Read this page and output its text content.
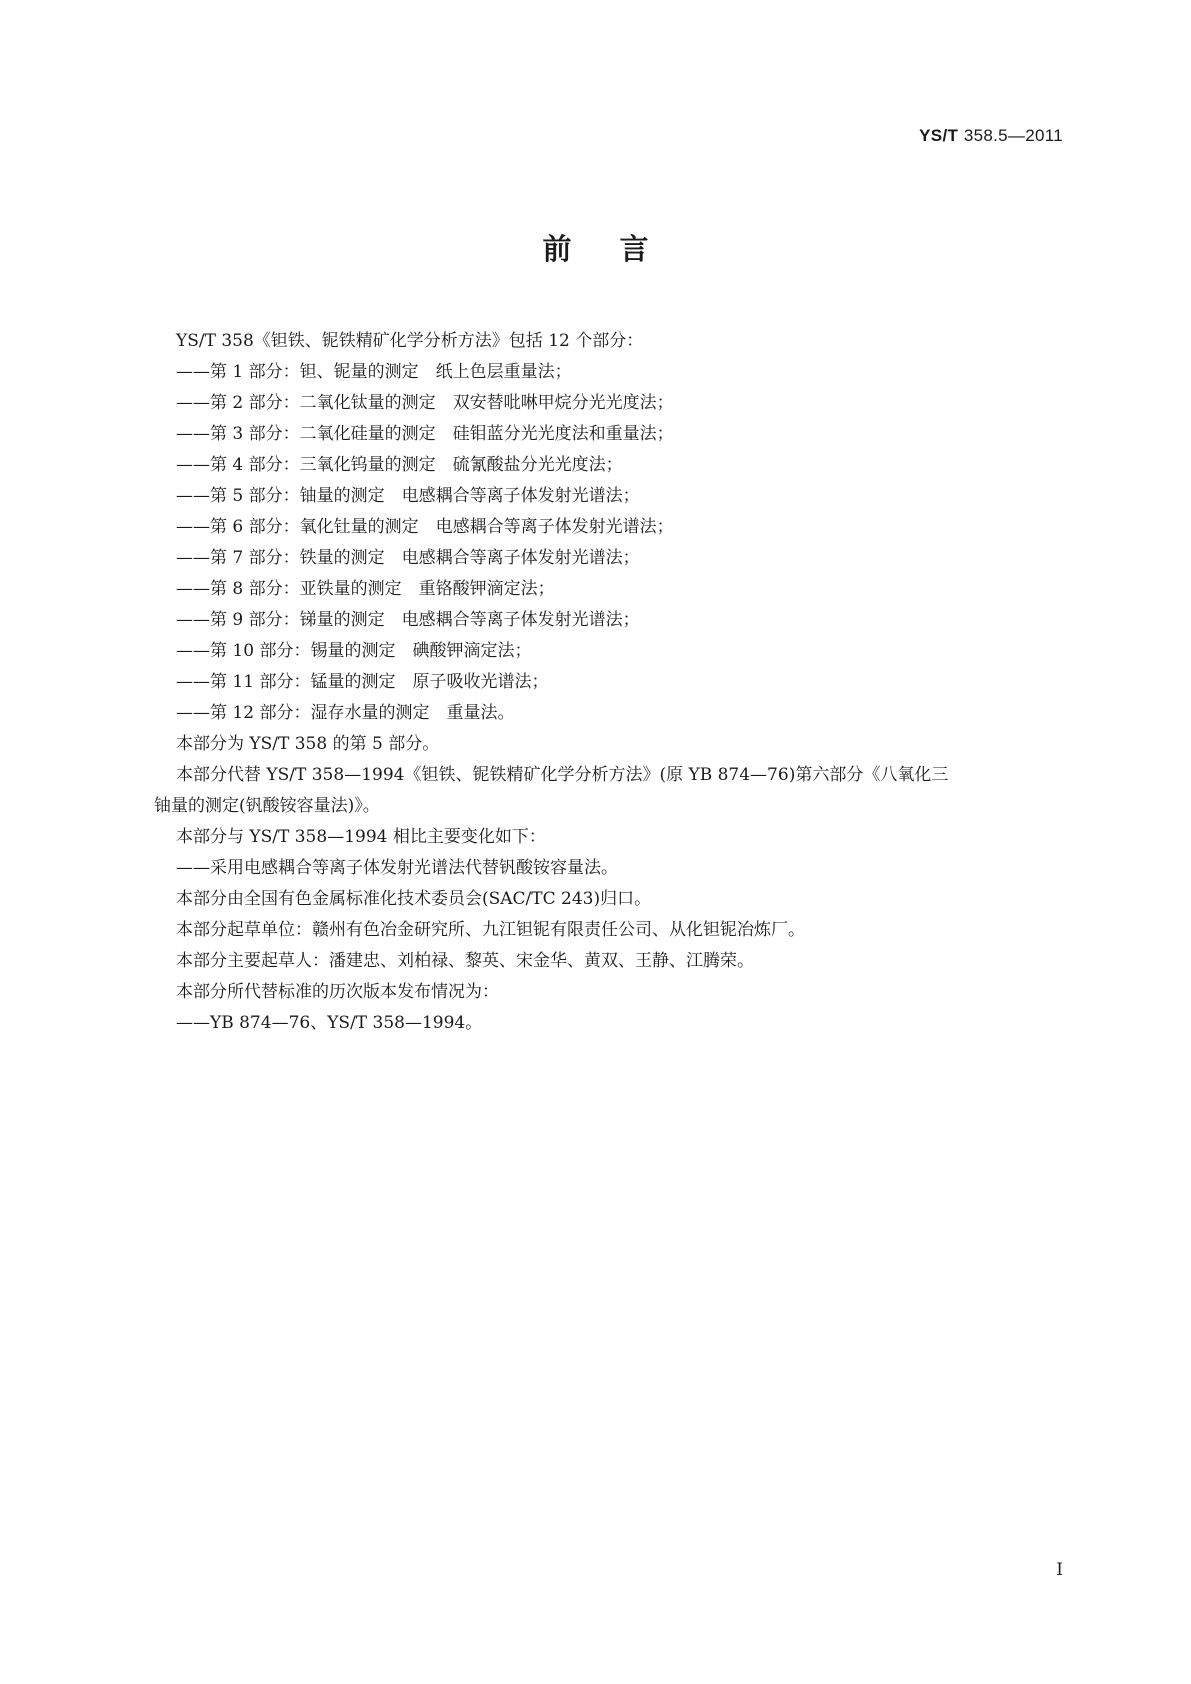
YS/T 358.5—2011
前言
YS/T 358《钽铁、铌铁精矿化学分析方法》包括 12 个部分：
——第 1 部分：钽、铌量的测定　纸上色层重量法；
——第 2 部分：二氧化钛量的测定　双安替吡啉甲烷分光光度法；
——第 3 部分：二氧化硅量的测定　硅钼蓝分光光度法和重量法；
——第 4 部分：三氧化钨量的测定　硫氰酸盐分光光度法；
——第 5 部分：铀量的测定　电感耦合等离子体发射光谱法；
——第 6 部分：氧化钍量的测定　电感耦合等离子体发射光谱法；
——第 7 部分：铁量的测定　电感耦合等离子体发射光谱法；
——第 8 部分：亚铁量的测定　重铬酸钾滴定法；
——第 9 部分：锑量的测定　电感耦合等离子体发射光谱法；
——第 10 部分：锡量的测定　碘酸钾滴定法；
——第 11 部分：锰量的测定　原子吸收光谱法；
——第 12 部分：湿存水量的测定　重量法。
本部分为 YS/T 358 的第 5 部分。
本部分代替 YS/T 358—1994《钽铁、铌铁精矿化学分析方法》(原 YB 874—76)第六部分《八氧化三
铀量的测定(钒酸铵容量法)》。
本部分与 YS/T 358—1994 相比主要变化如下：
——采用电感耦合等离子体发射光谱法代替钒酸铵容量法。
本部分由全国有色金属标准化技术委员会(SAC/TC 243)归口。
本部分起草单位：赣州有色冶金研究所、九江钽铌有限责任公司、从化钽铌冶炼厂。
本部分主要起草人：潘建忠、刘柏禄、黎英、宋金华、黄双、王静、江腾荣。
本部分所代替标准的历次版本发布情况为：
——YB 874—76、YS/T 358—1994。
I
